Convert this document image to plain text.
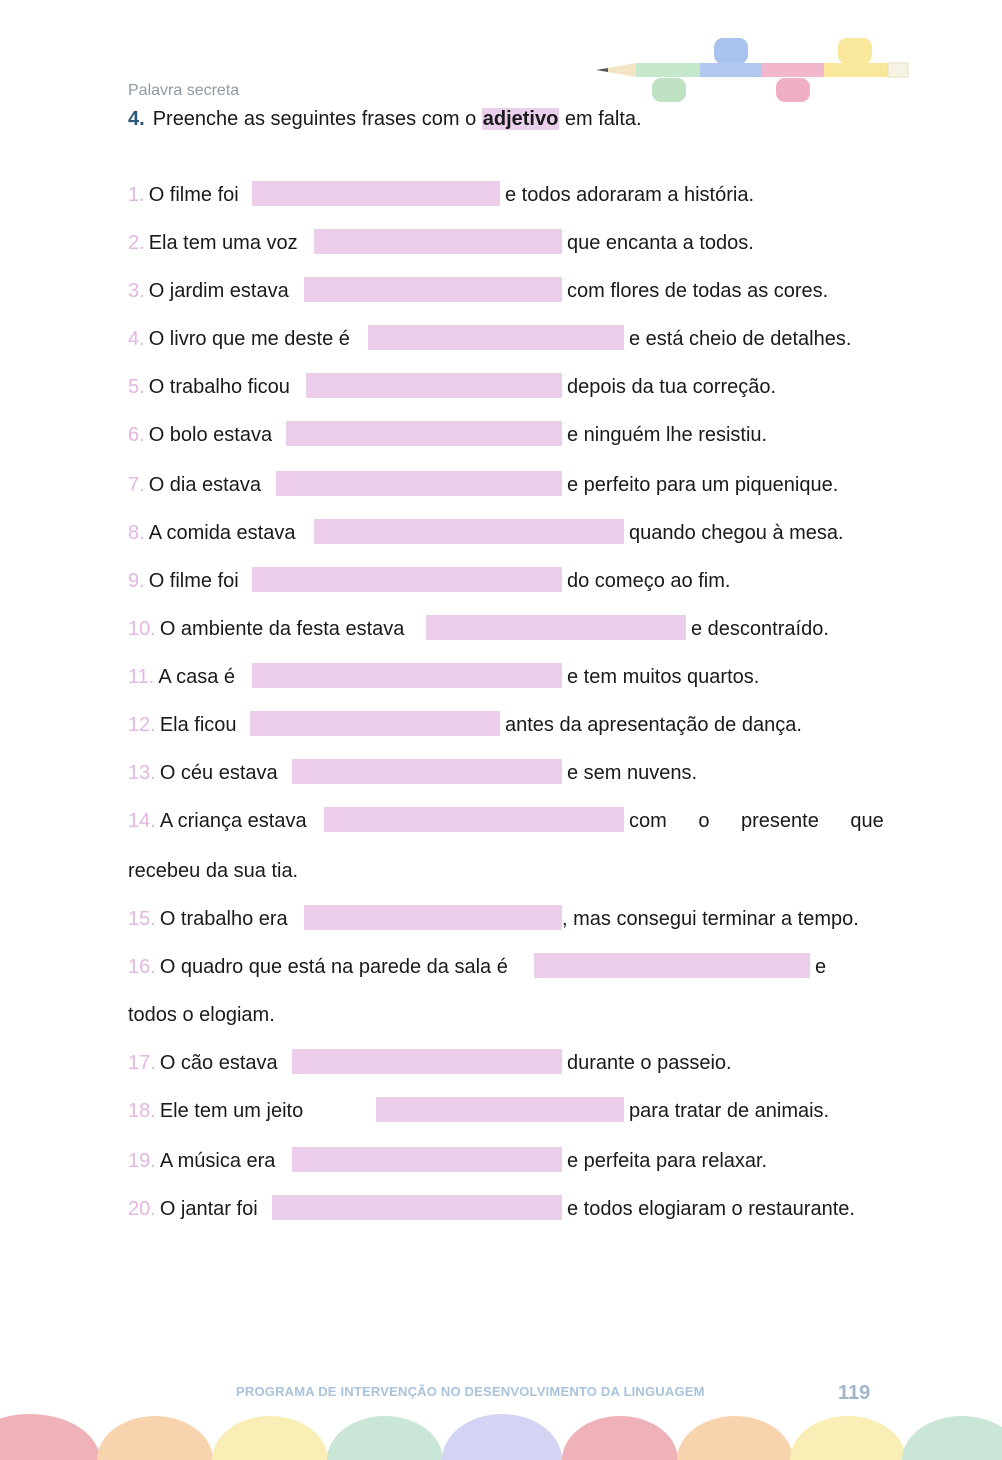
Palavra secreta
4. Preenche as seguintes frases com o adjetivo em falta.
1. O filme foi	e todos adoraram a história.
2. Ela tem uma voz	que encanta a todos.
3. O jardim estava	com flores de todas as cores.
4. O livro que me deste é	e está cheio de detalhes.
5. O trabalho ficou	depois da tua correção.
6. O bolo estava	e ninguém lhe resistiu.
7. O dia estava	e perfeito para um piquenique.
8. A comida estava	quando chegou à mesa.
9. O filme foi	do começo ao fim.
10. O ambiente da festa estava	e descontraído.
11. A casa é	e tem muitos quartos.
12. Ela ficou	antes da apresentação de dança.
13. O céu estava	e sem nuvens.
14. A criança estava	com o presente que
recebeu da sua tia.
15. O trabalho era	, mas consegui terminar a tempo.
16. O quadro que está na parede da sala é	e
todos o elogiam.
17. O cão estava	durante o passeio.
18. Ele tem um jeito	para tratar de animais.
19. A música era	e perfeita para relaxar.
20. O jantar foi	e todos elogiaram o restaurante.
PROGRAMA DE INTERVENÇÃO NO DESENVOLVIMENTO DA LINGUAGEM	119
